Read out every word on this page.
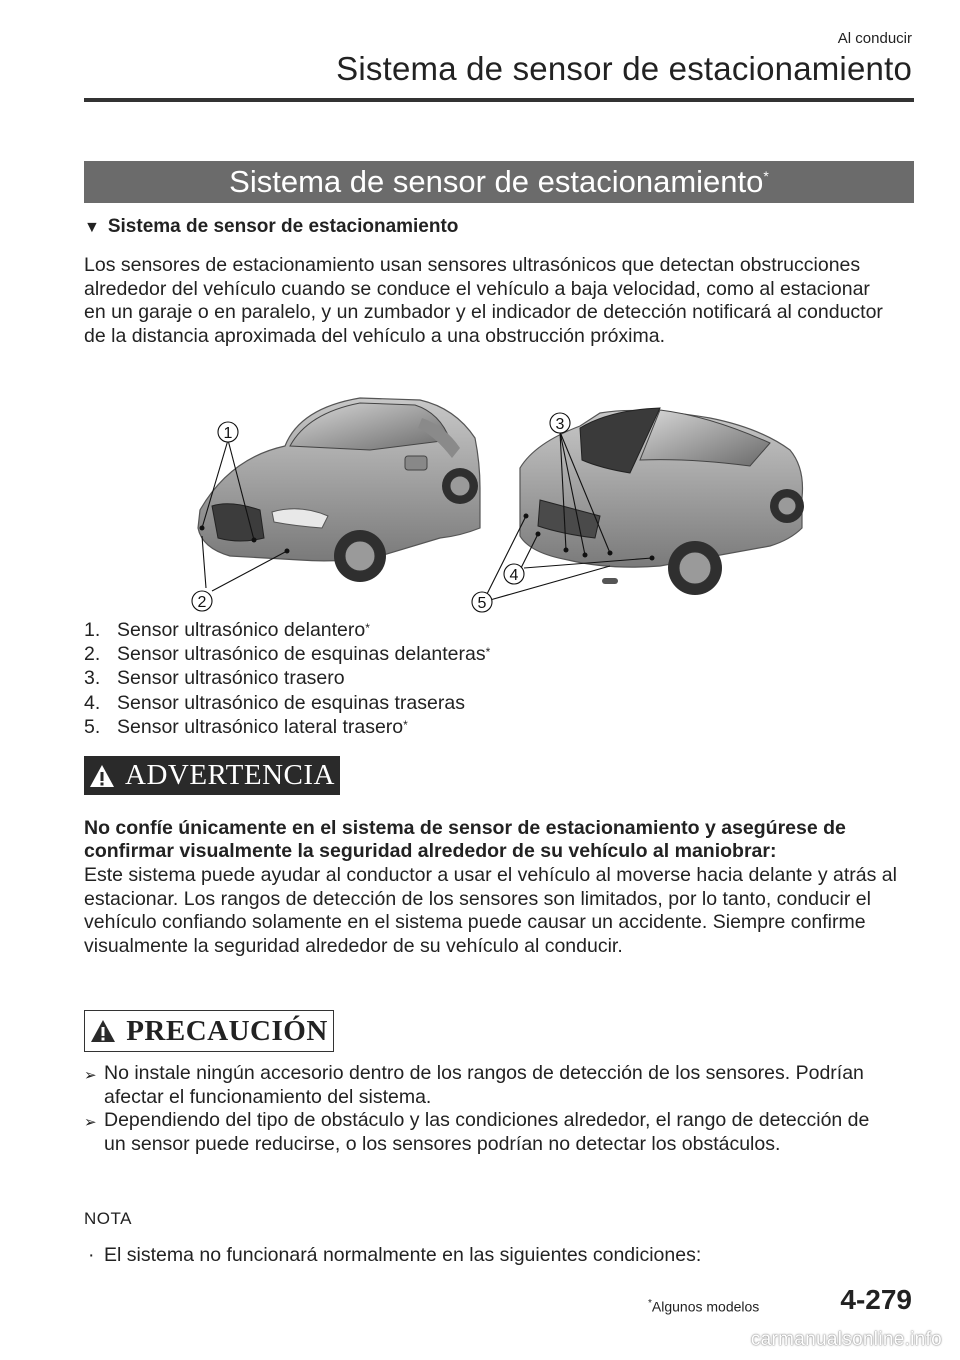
Al conducir
Sistema de sensor de estacionamiento
Sistema de sensor de estacionamiento*
▼ Sistema de sensor de estacionamiento

Los sensores de estacionamiento usan sensores ultrasónicos que detectan obstrucciones alrededor del vehículo cuando se conduce el vehículo a baja velocidad, como al estacionar en un garaje o en paralelo, y un zumbador y el indicador de detección notificará al conductor de la distancia aproximada del vehículo a una obstrucción próxima.

1
2
3
4
5
1. Sensor ultrasónico delantero *
2. Sensor ultrasónico de esquinas delanteras *
3. Sensor ultrasónico trasero
4. Sensor ultrasónico de esquinas traseras
5. Sensor ultrasónico lateral trasero *
ADVERTENCIA

No confíe únicamente en el sistema de sensor de estacionamiento y asegúrese de

confirmar visualmente la seguridad alrededor de su vehículo al maniobrar:

Este sistema puede ayudar al conductor a usar el vehículo al moverse hacia delante y atrás al estacionar. Los rangos de detección de los sensores son limitados, por lo tanto, conducir el vehículo confiando solamente en el sistema puede causar un accidente. Siempre confirme visualmente la seguridad alrededor de su vehículo al conducir.

PRECAUCIÓN
➢ No instale ningún accesorio dentro de los rangos de detección de los sensores. Podrían afectar el funcionamiento del sistema.
➢ Dependiendo del tipo de obstáculo y las condiciones alrededor, el rango de detección de un sensor puede reducirse, o los sensores podrían no detectar los obstáculos.
NOTA
· El sistema no funcionará normalmente en las siguientes condiciones:
*Algunos modelos	4-279
carmanualsonline.info
